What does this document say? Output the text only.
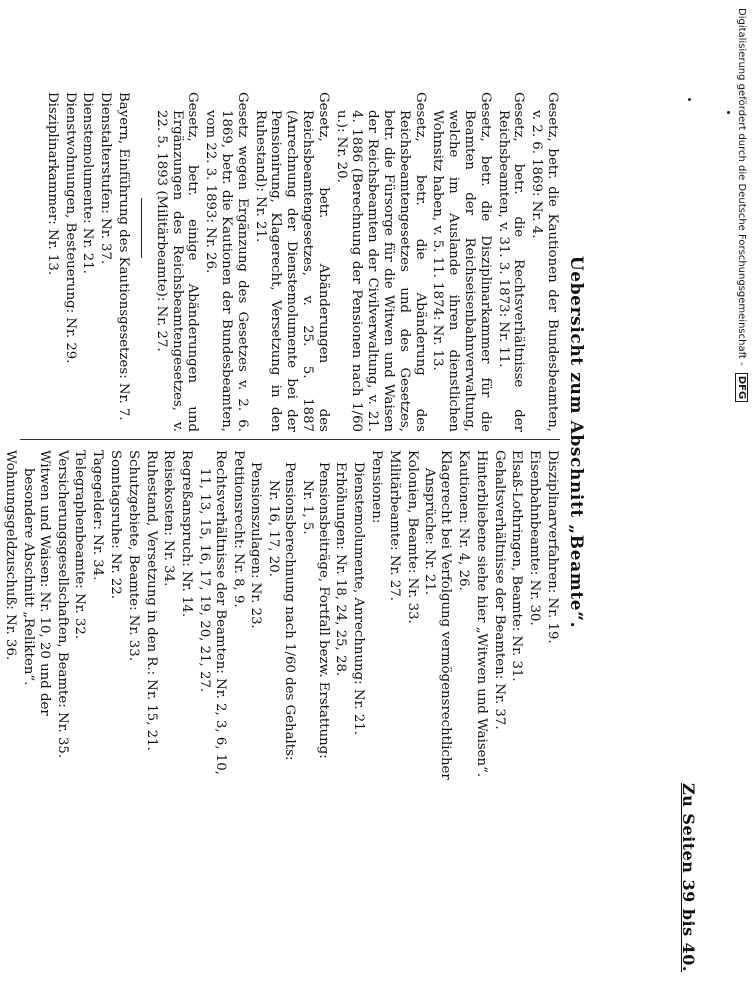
Digitalisierung gefördert durch die Deutsche Forschungsgemeinschaft - DFG
Zu Seiten 39 bis 40.
Uebersicht zum Abschnitt „Beamte“.

Gesetz, betr. die Kautionen der Bundesbeamten, v. 2. 6. 1869: Nr. 4.

Gesetz, betr. die Rechtsverhältnisse der Reichsbeamten, v. 31. 3. 1873: Nr. 11.

Gesetz, betr. die Disziplinarkammer für die Beamten der Reichseisenbahnverwaltung, welche im Auslande ihren dienstlichen Wohnsitz haben, v. 5. 11. 1874: Nr. 13.

Gesetz, betr. die Abänderung des Reichsbeamtengesetzes und des Gesetzes, betr. die Fürsorge für die Witwen und Waisen der Reichsbeamten der Civilverwaltung, v. 21. 4. 1886 (Berechnung der Pensionen nach 1/60 u.): Nr. 20.

Gesetz, betr. Abänderungen des Reichsbeamtengesetzes, v. 25. 5. 1887 (Anrechnung der Dienstemolumente bei der Pensionirung, Klagerecht, Versetzung in den Ruhestand): Nr. 21.

Gesetz wegen Ergänzung des Gesetzes v. 2. 6. 1869, betr. die Kautionen der Bundesbeamten, vom 22. 3. 1893: Nr. 26.

Gesetz, betr. einige Abänderungen und Ergänzungen des Reichsbeamtengesetzes, v. 22. 5. 1893 (Militärbeamte): Nr. 27.

Bayern, Einführung des Kautionsgesetzes: Nr. 7.

Dienstalterstufen: Nr. 37.

Dienstemolumente: Nr. 21.

Dienstwohnungen, Besteuerung: Nr. 29.

Disziplinarkammer: Nr. 13.

Disziplinarverfahren: Nr. 19.

Eisenbahnbeamte: Nr. 30.

Elsaß-Lothringen, Beamte: Nr. 31.

Gehaltsverhältnisse der Beamten: Nr. 37.

Hinterbliebene siehe hier „Witwen und Waisen“.

Kautionen: Nr. 4, 26.

Klagerecht bei Verfolgung vermögensrechtlicher Ansprüche: Nr. 21.

Kolonien, Beamte: Nr. 33.

Militärbeamte: Nr. 27.

Pensionen:

Dienstemolumente, Anrechnung: Nr. 21.

Erhöhungen: Nr. 18, 24, 25, 28.

Pensionsbeiträge, Fortfall bezw. Erstattung: Nr. 1, 5.

Pensionsberechnung nach 1/60 des Gehalts: Nr. 16, 17, 20.

Pensionszulagen: Nr. 23.

Petitionsrecht: Nr. 8, 9.

Rechtsverhältnisse der Beamten: Nr. 2, 3, 6, 10, 11, 13, 15, 16, 17, 19, 20, 21, 27.

Regreßanspruch: Nr. 14.

Reisekosten: Nr. 34.

Ruhestand, Versetzung in den R.: Nr. 15, 21.

Schutzgebiete, Beamte: Nr. 33.

Sonntagsruhe: Nr. 22.

Tagegelder: Nr. 34.

Telegraphenbeamte: Nr. 32.

Versicherungsgesellschaften, Beamte: Nr. 35.

Witwen und Waisen: Nr. 10, 20 und der besondere Abschnitt „Relikten“.

Wohnungsgeldzuschuß: Nr. 36.
